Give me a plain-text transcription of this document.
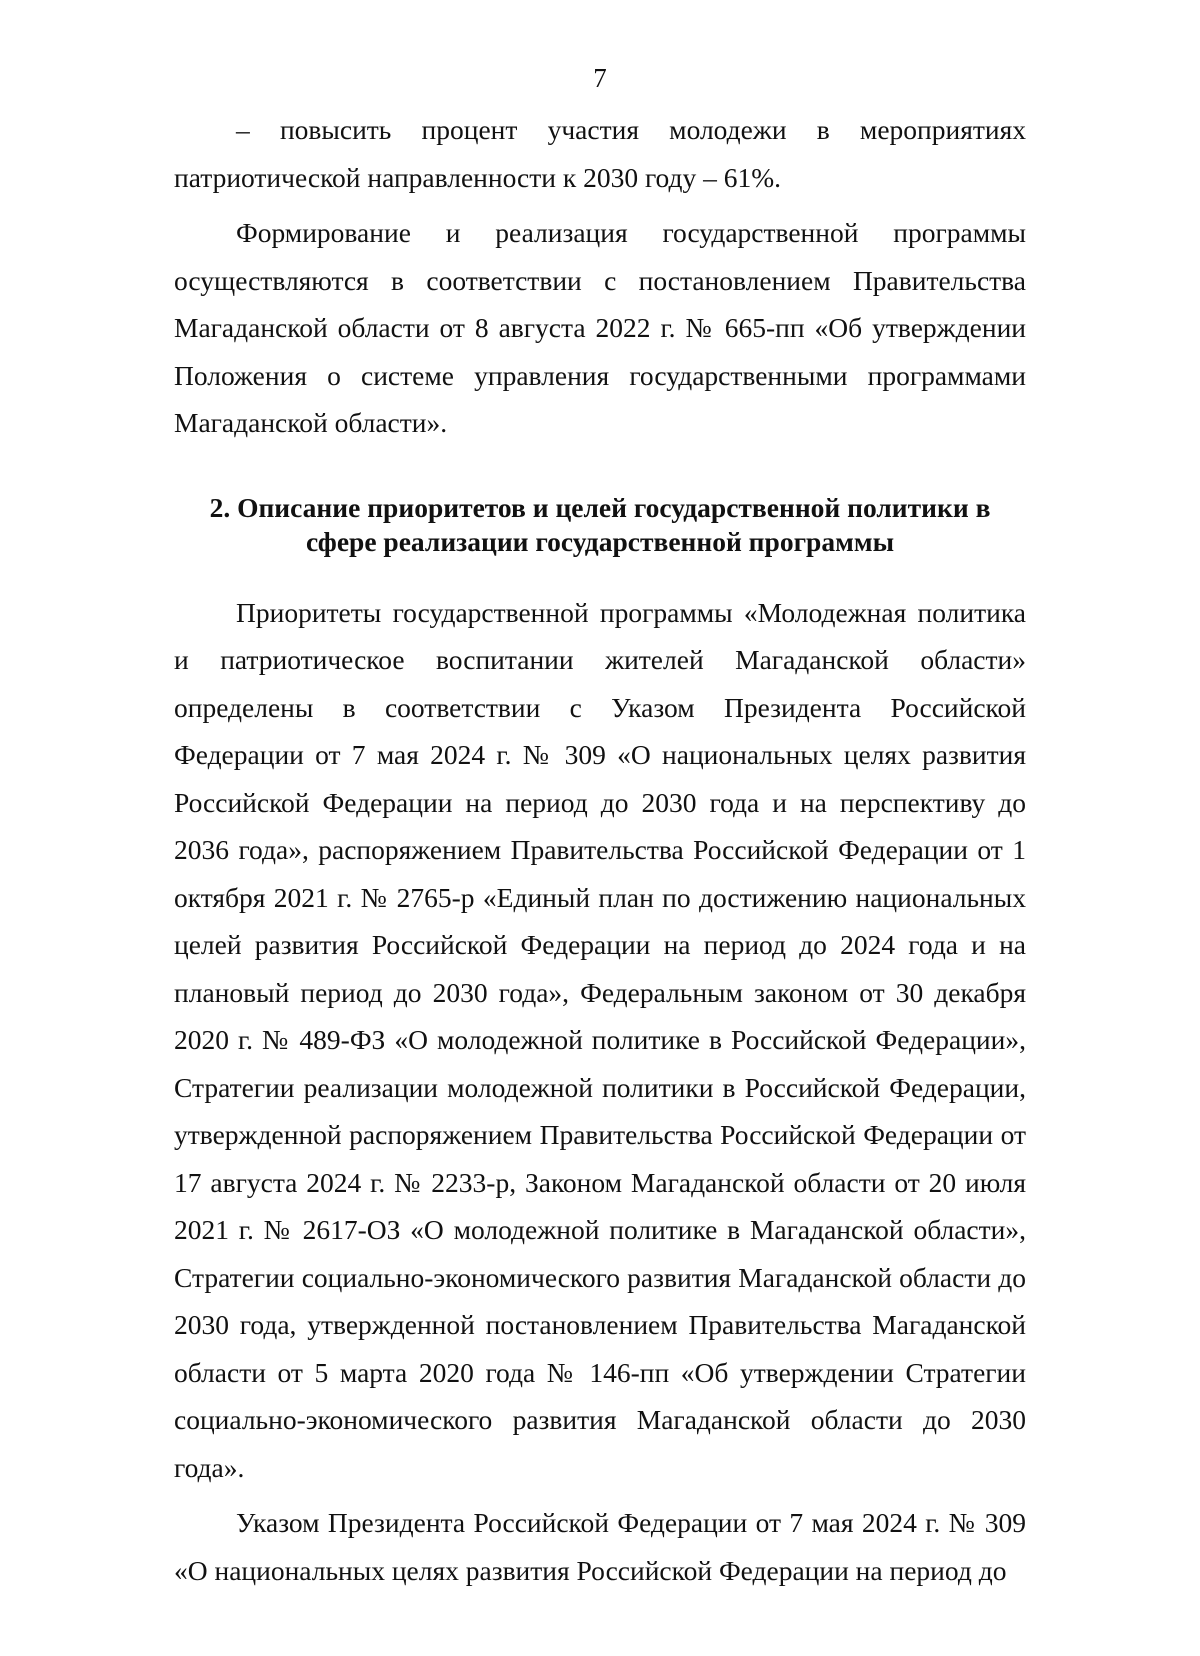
7

– повысить процент участия молодежи в мероприятиях патриотической направленности к 2030 году – 61%.

Формирование и реализация государственной программы осуществляются в соответствии с постановлением Правительства Магаданской области от 8 августа 2022 г. № 665-пп «Об утверждении Положения о системе управления государственными программами Магаданской области».

2. Описание приоритетов и целей государственной политики в сфере реализации государственной программы

Приоритеты государственной программы «Молодежная политика и патриотическое воспитании жителей Магаданской области» определены в соответствии с Указом Президента Российской Федерации от 7 мая 2024 г. № 309 «О национальных целях развития Российской Федерации на период до 2030 года и на перспективу до 2036 года», распоряжением Правительства Российской Федерации от 1 октября 2021 г. № 2765-р «Единый план по достижению национальных целей развития Российской Федерации на период до 2024 года и на плановый период до 2030 года», Федеральным законом от 30 декабря 2020 г. № 489-ФЗ «О молодежной политике в Российской Федерации», Стратегии реализации молодежной политики в Российской Федерации, утвержденной распоряжением Правительства Российской Федерации от 17 августа 2024 г. № 2233-р, Законом Магаданской области от 20 июля 2021 г. № 2617-ОЗ «О молодежной политике в Магаданской области», Стратегии социально-экономического развития Магаданской области до 2030 года, утвержденной постановлением Правительства Магаданской области от 5 марта 2020 года № 146-пп «Об утверждении Стратегии социально-экономического развития Магаданской области до 2030 года».

Указом Президента Российской Федерации от 7 мая 2024 г. № 309 «О национальных целях развития Российской Федерации на период до
